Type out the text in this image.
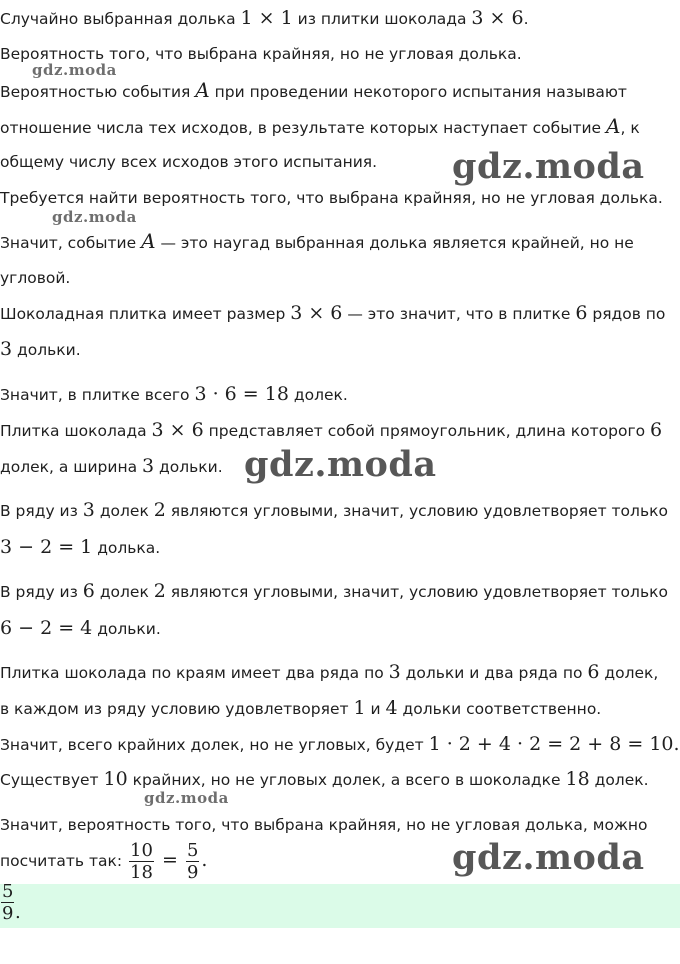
gdz.moda
gdz.moda
gdz.moda
gdz.moda
gdz.moda
gdz.moda
Случайно выбранная долька 1 × 1 из плитки шоколада 3 × 6.
Вероятность того, что выбрана крайняя, но не угловая долька.
Вероятностью события A при проведении некоторого испытания называют
отношение числа тех исходов, в результате которых наступает событие A, к
общему числу всех исходов этого испытания.
Требуется найти вероятность того, что выбрана крайняя, но не угловая долька.
Значит, событие A — это наугад выбранная долька является крайней, но не
угловой.
Шоколадная плитка имеет размер 3 × 6 — это значит, что в плитке 6 рядов по
3 дольки.
Значит, в плитке всего 3 · 6 = 18 долек.
Плитка шоколада 3 × 6 представляет собой прямоугольник, длина которого 6
долек, а ширина 3 дольки.
В ряду из 3 долек 2 являются угловыми, значит, условию удовлетворяет только
3 − 2 = 1 долька.
В ряду из 6 долек 2 являются угловыми, значит, условию удовлетворяет только
6 − 2 = 4 дольки.
Плитка шоколада по краям имеет два ряда по 3 дольки и два ряда по 6 долек,
в каждом из ряду условию удовлетворяет 1 и 4 дольки соответственно.
Значит, всего крайних долек, но не угловых, будет 1 · 2 + 4 · 2 = 2 + 8 = 10.
Существует 10 крайних, но не угловых долек, а всего в шоколадке 18 долек.
Значит, вероятность того, что выбрана крайняя, но не угловая долька, можно
посчитать так: $\frac{10}{18} = \frac{5}{9}$ .
$\frac{5}{9}$ .
